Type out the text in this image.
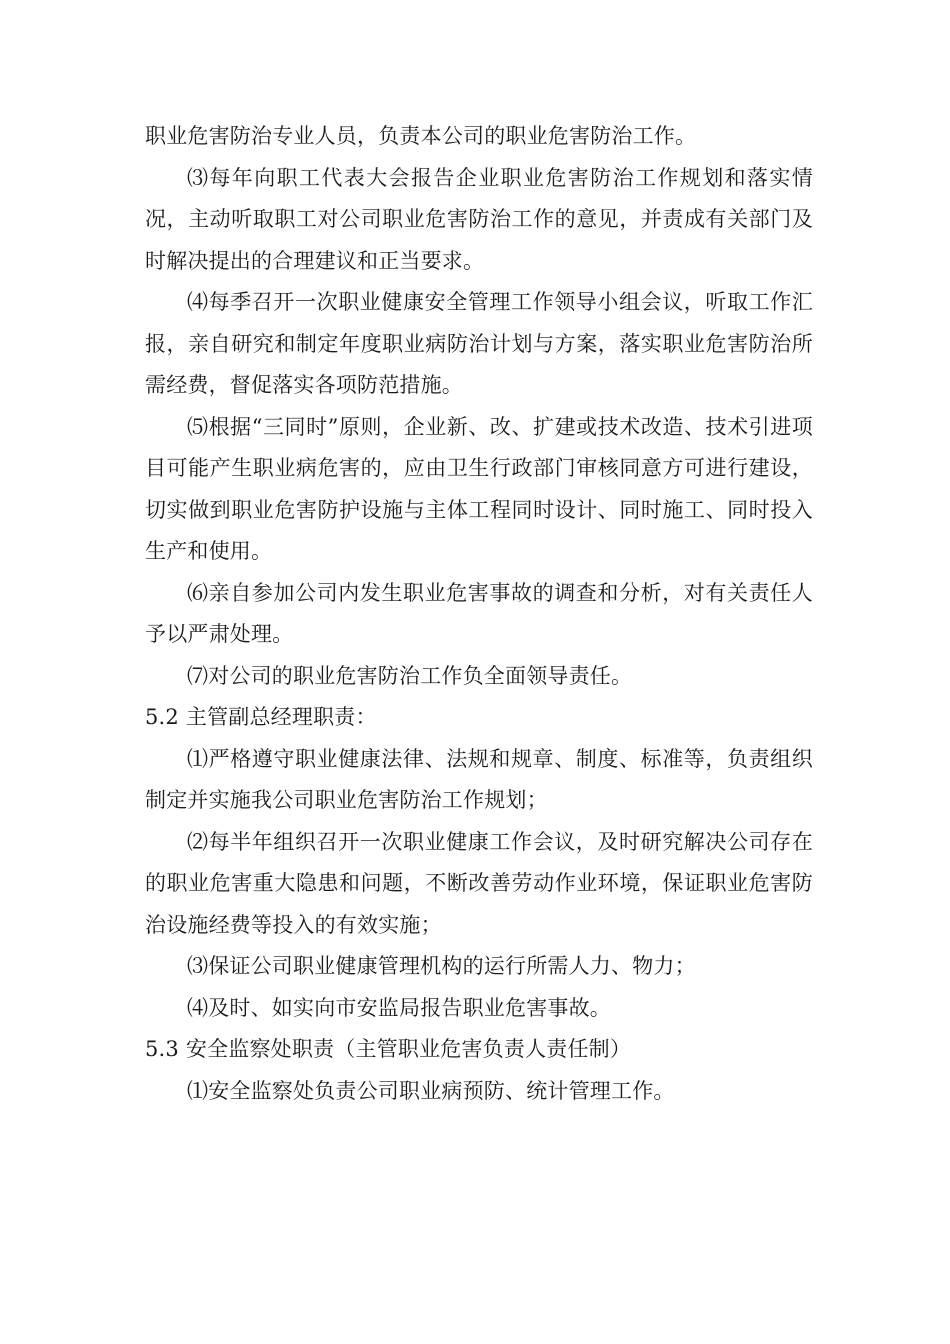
职业危害防治专业人员，负责本公司的职业危害防治工作。

⑶每年向职工代表大会报告企业职业危害防治工作规划和落实情况，主动听取职工对公司职业危害防治工作的意见，并责成有关部门及时解决提出的合理建议和正当要求。

⑷每季召开一次职业健康安全管理工作领导小组会议，听取工作汇报，亲自研究和制定年度职业病防治计划与方案，落实职业危害防治所需经费，督促落实各项防范措施。

⑸根据“三同时”原则，企业新、改、扩建或技术改造、技术引进项目可能产生职业病危害的，应由卫生行政部门审核同意方可进行建设，切实做到职业危害防护设施与主体工程同时设计、同时施工、同时投入生产和使用。

⑹亲自参加公司内发生职业危害事故的调查和分析，对有关责任人予以严肃处理。

⑺对公司的职业危害防治工作负全面领导责任。

5.2 主管副总经理职责：

⑴严格遵守职业健康法律、法规和规章、制度、标准等，负责组织制定并实施我公司职业危害防治工作规划；

⑵每半年组织召开一次职业健康工作会议，及时研究解决公司存在的职业危害重大隐患和问题，不断改善劳动作业环境，保证职业危害防治设施经费等投入的有效实施；

⑶保证公司职业健康管理机构的运行所需人力、物力；

⑷及时、如实向市安监局报告职业危害事故。

5.3 安全监察处职责（主管职业危害负责人责任制）

⑴安全监察处负责公司职业病预防、统计管理工作。
